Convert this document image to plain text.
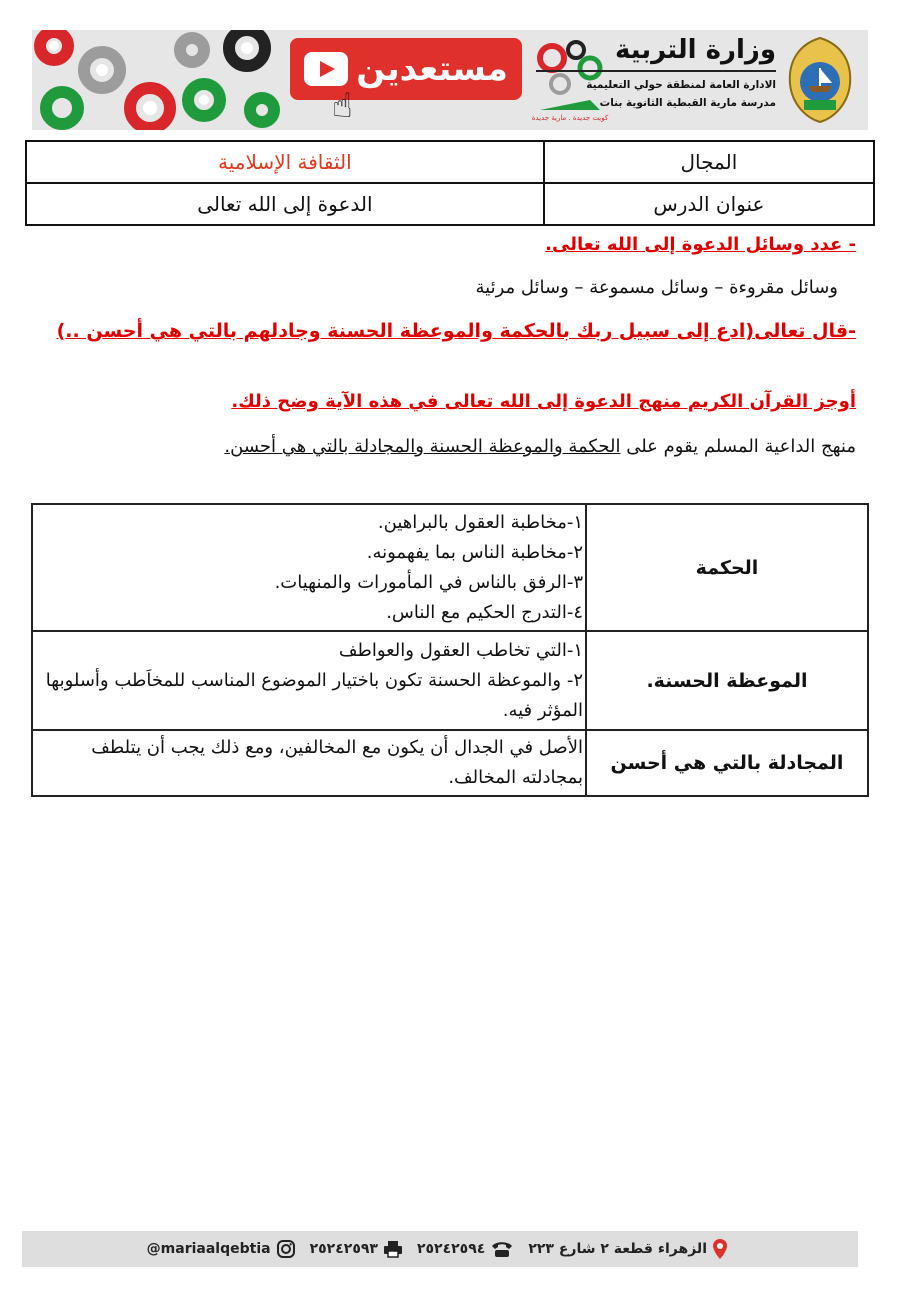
مستعدين
☝	كويت جديدة . مارية جديدة
وزارة التربية
الادارة العامة لمنطقة حولي التعليمية
مدرسة مارية القبطية الثانوية بنات
الثقافة الإسلامية	المجال
الدعوة إلى الله تعالى	عنوان الدرس
- عدد وسائل الدعوة إلى الله تعالى.
وسائل مقروءة – وسائل مسموعة – وسائل مرئية
-قال تعالى(ادع إلى سبيل ربك بالحكمة والموعظة الحسنة وجادلهم بالتي هي أحسن ..)
أوجز القرآن الكريم منهج الدعوة إلى الله تعالى في هذه الآية وضح ذلك.
منهج الداعية المسلم يقوم على الحكمة والموعظة الحسنة والمجادلة بالتي هي أحسن.
الحكمة	١-مخاطبة العقول بالبراهين.
٢-مخاطبة الناس بما يفهمونه.
٣-الرفق بالناس في المأمورات والمنهيات.
٤-التدرج الحكيم مع الناس.

الموعظة الحسنة.	١-التي تخاطب العقول والعواطف
٢- والموعظة الحسنة تكون باختيار الموضوع المناسب للمخاَطب وأسلوبها المؤثر فيه.

المجادلة بالتي هي أحسن	الأصل في الجدال أن يكون مع المخالفين، ومع ذلك يجب أن يتلطف بمجادلته المخالف.
@mariaalqebtia	٢٥٢٤٢٥٩٣	٢٥٢٤٢٥٩٤	الزهراء قطعة ٢ شارع ٢٢٣
